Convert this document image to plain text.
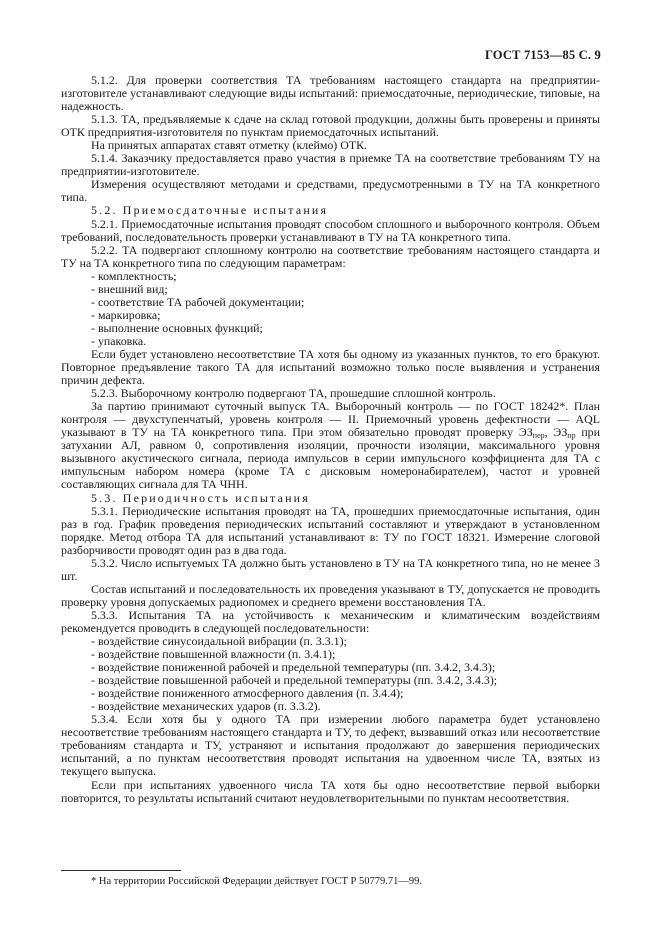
ГОСТ 7153—85 С. 9

5.1.2. Для проверки соответствия ТА требованиям настоящего стандарта на предприятии-изготовителе устанавливают следующие виды испытаний: приемосдаточные, периодические, типовые, на надежность.

5.1.3. ТА, предъявляемые к сдаче на склад готовой продукции, должны быть проверены и приняты ОТК предприятия-изготовителя по пунктам приемосдаточных испытаний.

На принятых аппаратах ставят отметку (клеймо) ОТК.

5.1.4. Заказчику предоставляется право участия в приемке ТА на соответствие требованиям ТУ на предприятии-изготовителе.

Измерения осуществляют методами и средствами, предусмотренными в ТУ на ТА конкретного типа.

5.2. Приемосдаточные испытания

5.2.1. Приемосдаточные испытания проводят способом сплошного и выборочного контроля. Объем требований, последовательность проверки устанавливают в ТУ на ТА конкретного типа.

5.2.2. ТА подвергают сплошному контролю на соответствие требованиям настоящего стандарта и ТУ на ТА конкретного типа по следующим параметрам:

- комплектность;
- внешний вид;
- соответствие ТА рабочей документации;
- маркировка;
- выполнение основных функций;
- упаковка.

Если будет установлено несоответствие ТА хотя бы одному из указанных пунктов, то его бракуют. Повторное предъявление такого ТА для испытаний возможно только после выявления и устранения причин дефекта.

5.2.3. Выборочному контролю подвергают ТА, прошедшие сплошной контроль.

За партию принимают суточный выпуск ТА. Выборочный контроль — по ГОСТ 18242*. План контроля — двухступенчатый, уровень контроля — II. Приемочный уровень дефектности — AQL указывают в ТУ на ТА конкретного типа. При этом обязательно проводят проверку $ЭЗ_{пер}$, $ЭЗ_{пр}$ при затухании АЛ, равном 0, сопротивления изоляции, прочности изоляции, максимального уровня вызывного акустического сигнала, периода импульсов в серии импульсного коэффициента для ТА с импульсным набором номера (кроме ТА с дисковым номеронабирателем), частот и уровней составляющих сигнала для ТА ЧНН.

5.3. Периодичность испытания

5.3.1. Периодические испытания проводят на ТА, прошедших приемосдаточные испытания, один раз в год. График проведения периодических испытаний составляют и утверждают в установленном порядке. Метод отбора ТА для испытаний устанавливают в: ТУ по ГОСТ 18321. Измерение слоговой разборчивости проводят один раз в два года.

5.3.2. Число испытуемых ТА должно быть установлено в ТУ на ТА конкретного типа, но не менее 3 шт.

Состав испытаний и последовательность их проведения указывают в ТУ, допускается не проводить проверку уровня допускаемых радиопомех и среднего времени восстановления ТА.

5.3.3. Испытания ТА на устойчивость к механическим и климатическим воздействиям рекомендуется проводить в следующей последовательности:

- воздействие синусоидальной вибрации (п. 3.3.1);
- воздействие повышенной влажности (п. 3.4.1);
- воздействие пониженной рабочей и предельной температуры (пп. 3.4.2, 3.4.3);
- воздействие повышенной рабочей и предельной температуры (пп. 3.4.2, 3.4.3);
- воздействие пониженного атмосферного давления (п. 3.4.4);
- воздействие механических ударов (п. 3.3.2).

5.3.4. Если хотя бы у одного ТА при измерении любого параметра будет установлено несоответствие требованиям настоящего стандарта и ТУ, то дефект, вызвавший отказ или несоответствие требованиям стандарта и ТУ, устраняют и испытания продолжают до завершения периодических испытаний, а по пунктам несоответствия проводят испытания на удвоенном числе ТА, взятых из текущего выпуска.

Если при испытаниях удвоенного числа ТА хотя бы одно несоответствие первой выборки повторится, то результаты испытаний считают неудовлетворительными по пунктам несоответствия.

* На территории Российской Федерации действует ГОСТ Р 50779.71—99.
